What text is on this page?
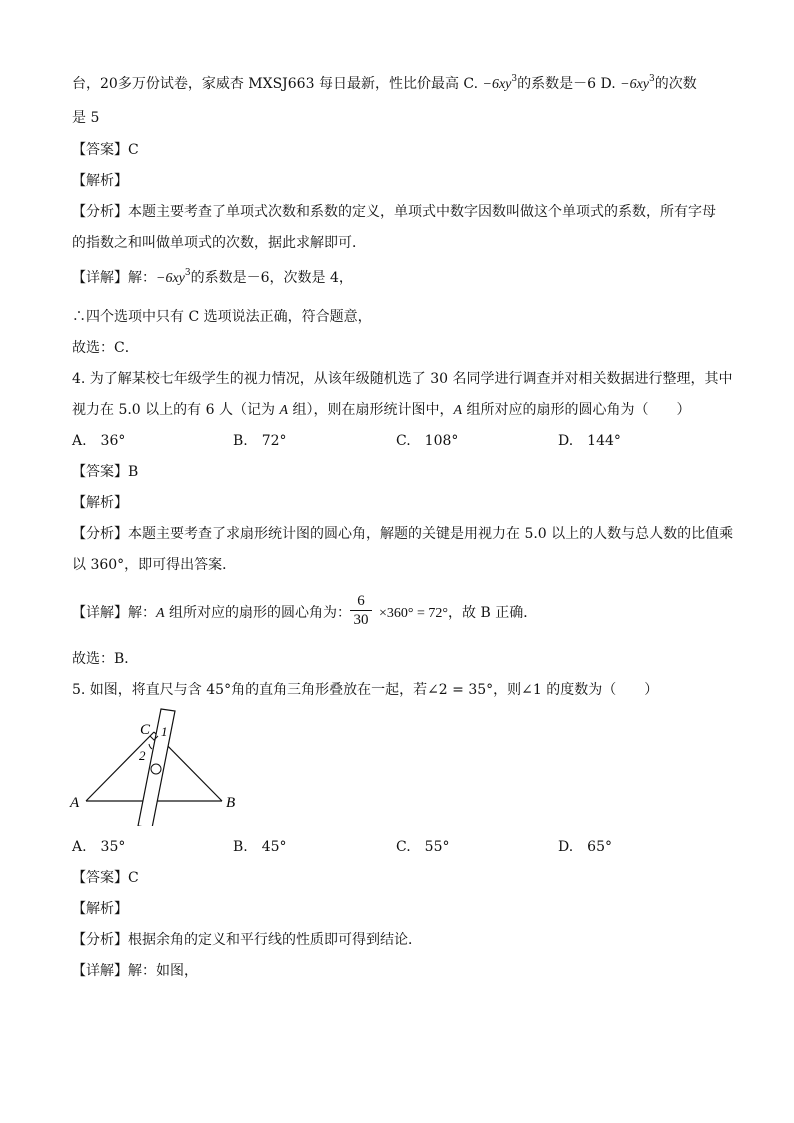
台，20多万份试卷，家威杏 MXSJ663 每日最新，性比价最高 C. $-6xy^3$的系数是－6 D. $-6xy^3$的次数
是 5
【答案】C
【解析】
【分析】本题主要考查了单项式次数和系数的定义，单项式中数字因数叫做这个单项式的系数，所有字母
的指数之和叫做单项式的次数，据此求解即可．
【详解】解：$-6xy^3$的系数是－6，次数是 4，
∴四个选项中只有 C 选项说法正确，符合题意，
故选：C．
4. 为了解某校七年级学生的视力情况，从该年级随机选了 30 名同学进行调查并对相关数据进行整理，其中
视力在 5.0 以上的有 6 人（记为 A 组），则在扇形统计图中，A 组所对应的扇形的圆心角为（　　）
A.　36°	B.　72°	C.　108°	D.　144°
【答案】B
【解析】
【分析】本题主要考查了求扇形统计图的圆心角，解题的关键是用视力在 5.0 以上的人数与总人数的比值乘
以 360°，即可得出答案．
【详解】解：A 组所对应的扇形的圆心角为： ×360° = 72°，故 B 正确．
6
30
故选：B．
5. 如图，将直尺与含 45°角的直角三角形叠放在一起，若∠2 = 35°，则∠1 的度数为（　　）
C 1
2
A	B
A.　35°	B.　45°	C.　55°	D.　65°
【答案】C
【解析】
【分析】根据余角的定义和平行线的性质即可得到结论．
【详解】解：如图，
